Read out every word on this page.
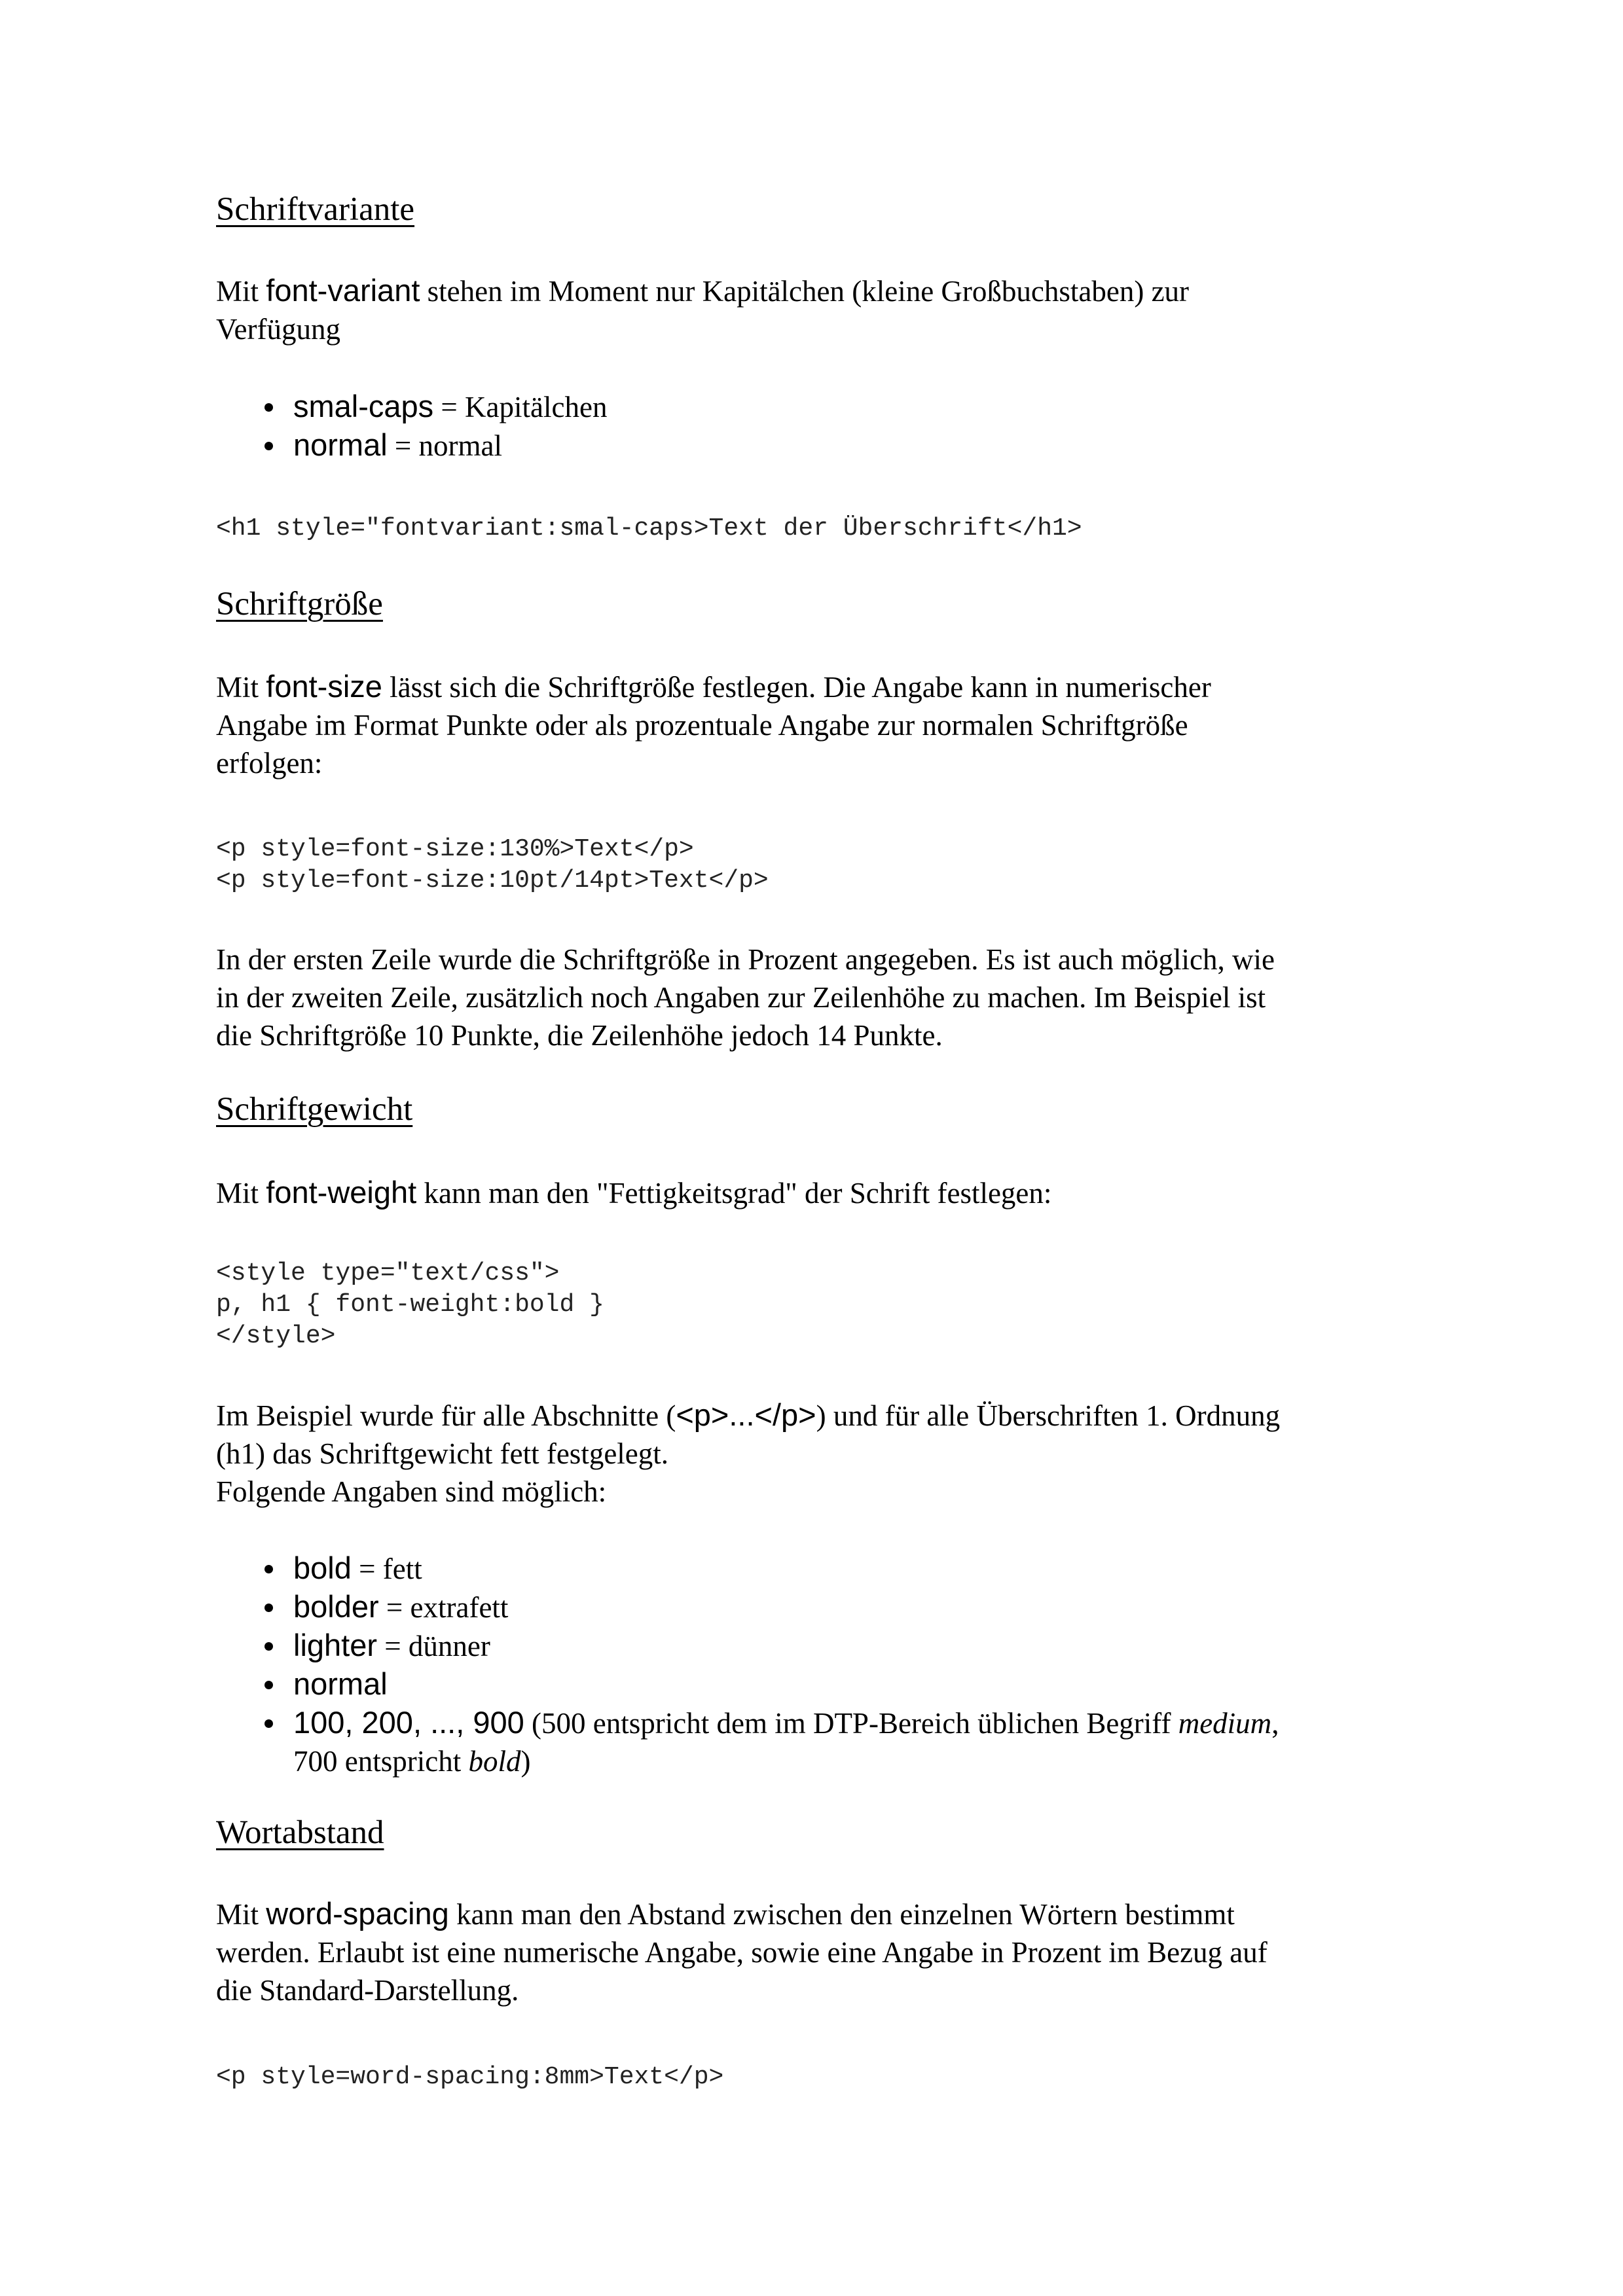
Schriftvariante

Mit font-variant stehen im Moment nur Kapitälchen (kleine Großbuchstaben) zur
Verfügung

smal-caps = Kapitälchen
normal = normal
<h1 style="fontvariant:smal-caps>Text der Überschrift</h1>
Schriftgröße

Mit font-size lässt sich die Schriftgröße festlegen. Die Angabe kann in numerischer
Angabe im Format Punkte oder als prozentuale Angabe zur normalen Schriftgröße
erfolgen:

<p style=font-size:130%>Text</p>
<p style=font-size:10pt/14pt>Text</p>

In der ersten Zeile wurde die Schriftgröße in Prozent angegeben. Es ist auch möglich, wie
in der zweiten Zeile, zusätzlich noch Angaben zur Zeilenhöhe zu machen. Im Beispiel ist
die Schriftgröße 10 Punkte, die Zeilenhöhe jedoch 14 Punkte.

Schriftgewicht

Mit font-weight kann man den "Fettigkeitsgrad" der Schrift festlegen:

<style type="text/css">
p, h1 { font-weight:bold }
</style>

Im Beispiel wurde für alle Abschnitte (<p>...</p>) und für alle Überschriften 1. Ordnung
(h1) das Schriftgewicht fett festgelegt.
Folgende Angaben sind möglich:

bold = fett
bolder = extrafett
lighter = dünner
normal
100, 200, ..., 900 (500 entspricht dem im DTP-Bereich üblichen Begriff medium,
700 entspricht bold)
Wortabstand

Mit word-spacing kann man den Abstand zwischen den einzelnen Wörtern bestimmt
werden. Erlaubt ist eine numerische Angabe, sowie eine Angabe in Prozent im Bezug auf
die Standard-Darstellung.

<p style=word-spacing:8mm>Text</p>
